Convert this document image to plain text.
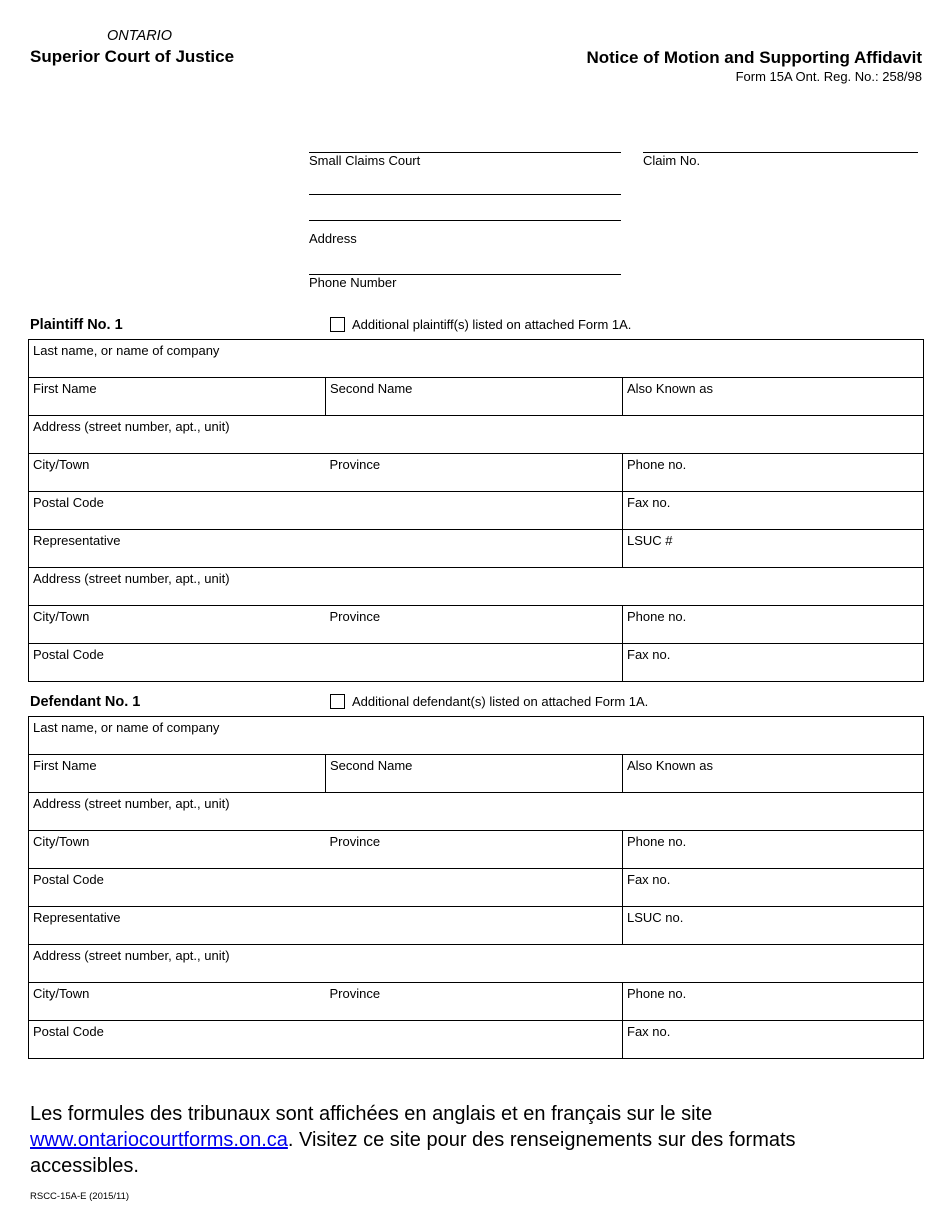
ONTARIO
Superior Court of Justice	Notice of Motion and Supporting Affidavit
Form 15A Ont. Reg. No.: 258/98
Small Claims Court	Claim No.
Address
Phone Number
Plaintiff No. 1	Additional plaintiff(s) listed on attached Form 1A.
Last name, or name of company		

First Name	Second Name	Also Known as

Address (street number, apt., unit)		

City/Town	Province	Phone no.

Postal Code		Fax no.

Representative		LSUC #

Address (street number, apt., unit)		

City/Town	Province	Phone no.

Postal Code		Fax no.
Defendant No. 1	Additional defendant(s) listed on attached Form 1A.
Last name, or name of company		

First Name	Second Name	Also Known as

Address (street number, apt., unit)		

City/Town	Province	Phone no.

Postal Code		Fax no.

Representative		LSUC no.

Address (street number, apt., unit)		

City/Town	Province	Phone no.

Postal Code		Fax no.
Les formules des tribunaux sont affichées en anglais et en français sur le site www.ontariocourtforms.on.ca. Visitez ce site pour des renseignements sur des formats accessibles.
RSCC-15A-E (2015/11)
